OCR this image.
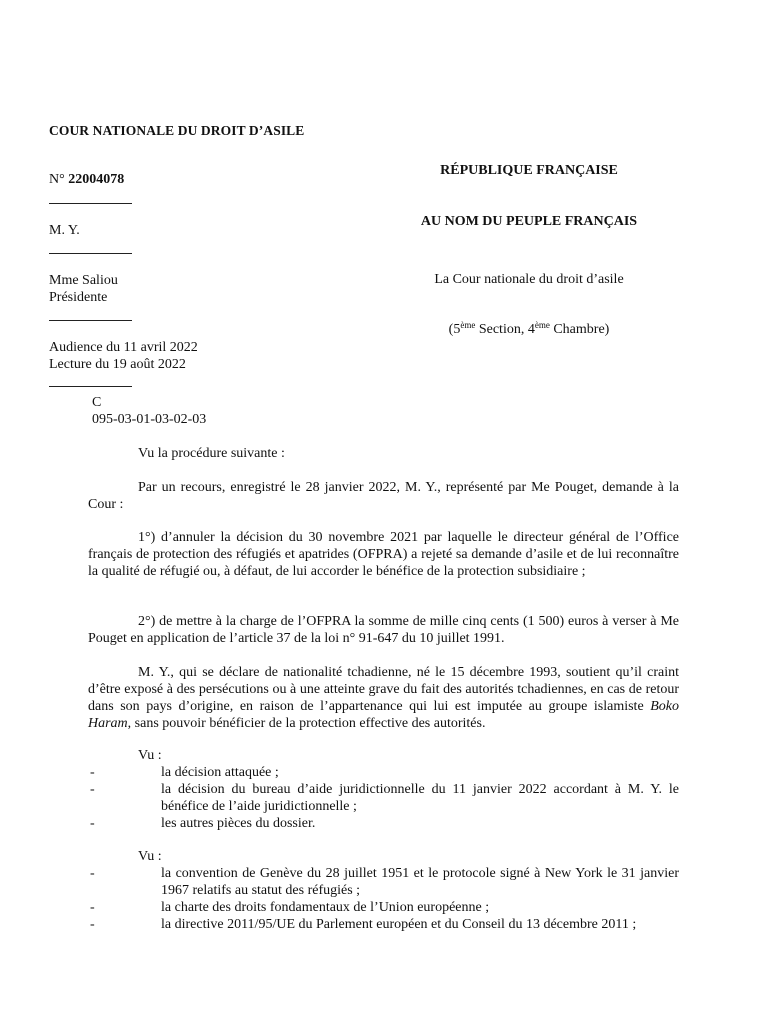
COUR NATIONALE DU DROIT D’ASILE
N° 22004078
M. Y.
Mme Saliou
Présidente
Audience du 11 avril 2022
Lecture du 19 août 2022
C
095-03-01-03-02-03
RÉPUBLIQUE FRANÇAISE
AU NOM DU PEUPLE FRANÇAIS
La Cour nationale du droit d’asile
(5ème Section, 4ème Chambre)

Vu la procédure suivante :

Par un recours, enregistré le 28 janvier 2022, M. Y., représenté par Me Pouget, demande à la Cour :

1°) d’annuler la décision du 30 novembre 2021 par laquelle le directeur général de l’Office français de protection des réfugiés et apatrides (OFPRA) a rejeté sa demande d’asile et de lui reconnaître la qualité de réfugié ou, à défaut, de lui accorder le bénéfice de la protection subsidiaire ;

2°) de mettre à la charge de l’OFPRA la somme de mille cinq cents (1 500) euros à verser à Me Pouget en application de l’article 37 de la loi n° 91-647 du 10 juillet 1991.

M. Y., qui se déclare de nationalité tchadienne, né le 15 décembre 1993, soutient qu’il craint d’être exposé à des persécutions ou à une atteinte grave du fait des autorités tchadiennes, en cas de retour dans son pays d’origine, en raison de l’appartenance qui lui est imputée au groupe islamiste Boko Haram, sans pouvoir bénéficier de la protection effective des autorités.

Vu :
-	la décision attaquée ;
-	la décision du bureau d’aide juridictionnelle du 11 janvier 2022 accordant à M. Y. le bénéfice de l’aide juridictionnelle ;
-	les autres pièces du dossier.
Vu :
-	la convention de Genève du 28 juillet 1951 et le protocole signé à New York le 31 janvier 1967 relatifs au statut des réfugiés ;
-	la charte des droits fondamentaux de l’Union européenne ;
-	la directive 2011/95/UE du Parlement européen et du Conseil du 13 décembre 2011 ;
